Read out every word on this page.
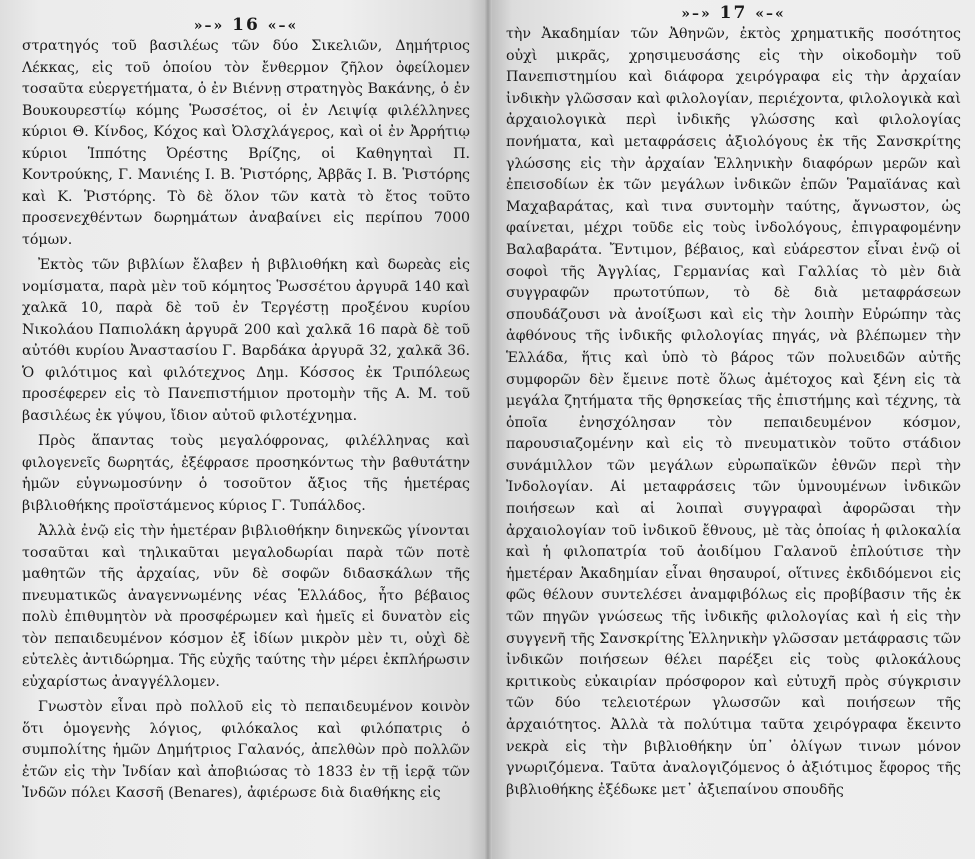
»–» 16 «–«

στρατηγός τοῦ βασιλέως τῶν δύο Σικελιῶν, Δημήτριος Λέκκας, εἰς τοῦ ὁποίου τὸν ἔνθερμον ζῆλον ὀφείλομεν τοσαῦτα εὐεργετήματα, ὁ ἐν Βιέννῃ στρατηγὸς Βακάνης, ὁ ἐν Βουκουρεστίῳ κόμης Ῥωσσέτος, οἱ ἐν Λειψίᾳ φιλέλληνες κύριοι Θ. Κίνδος, Κόχος καὶ Ὀλσχλάγερος, καὶ οἱ ἐν Ἀρρήτιῳ κύριοι Ἱππότης Ὀρέστης Βρίζης, οἱ Καθηγηταὶ Π. Κοντρούκης, Γ. Μανιέης Ι. Β. Ῥιστόρης, Ἀββᾶς Ι. Β. Ῥιστόρης καὶ Κ. Ῥιστόρης. Τὸ δὲ ὅλον τῶν κατὰ τὸ ἔτος τοῦτο προσενεχθέντων δωρημάτων ἀναβαίνει εἰς περίπου 7000 τόμων.

Ἐκτὸς τῶν βιβλίων ἔλαβεν ἡ βιβλιοθήκη καὶ δωρεὰς εἰς νομίσματα, παρὰ μὲν τοῦ κόμητος Ῥωσσέτου ἀργυρᾶ 140 καὶ χαλκᾶ 10, παρὰ δὲ τοῦ ἐν Τεργέστῃ προξένου κυρίου Νικολάου Παπιολάκη ἀργυρᾶ 200 καὶ χαλκᾶ 16 παρὰ δὲ τοῦ αὐτόθι κυρίου Ἀναστασίου Γ. Βαρδάκα ἀργυρᾶ 32, χαλκᾶ 36. Ὁ φιλότιμος καὶ φιλότεχνος Δημ. Κόσσος ἐκ Τριπόλεως προσέφερεν εἰς τὸ Πανεπιστήμιον προτομὴν τῆς Α. Μ. τοῦ βασιλέως ἐκ γύψου, ἴδιον αὐτοῦ φιλοτέχνημα.

Πρὸς ἅπαντας τοὺς μεγαλόφρονας, φιλέλληνας καὶ φιλογενεῖς δωρητάς, ἐξέφρασε προσηκόντως τὴν βαθυτάτην ἡμῶν εὐγνωμοσύνην ὁ τοσοῦτον ἄξιος τῆς ἡμετέρας βιβλιοθήκης προϊστάμενος κύριος Γ. Τυπάλδος.

Ἀλλὰ ἐνῷ εἰς τὴν ἡμετέραν βιβλιοθήκην διηνεκῶς γίνονται τοσαῦται καὶ τηλικαῦται μεγαλοδωρίαι παρὰ τῶν ποτὲ μαθητῶν τῆς ἀρχαίας, νῦν δὲ σοφῶν διδασκάλων τῆς πνευματικῶς ἀναγεννωμένης νέας Ἑλλάδος, ἦτο βέβαιος πολὺ ἐπιθυμητὸν νὰ προσφέρωμεν καὶ ἡμεῖς εἰ δυνατὸν εἰς τὸν πεπαιδευμένον κόσμον ἐξ ἰδίων μικρὸν μὲν τι, οὐχὶ δὲ εὐτελὲς ἀντιδώρημα. Τῆς εὐχῆς ταύτης τὴν μέρει ἐκπλήρωσιν εὐχαρίστως ἀναγγέλλομεν.

Γνωστὸν εἶναι πρὸ πολλοῦ εἰς τὸ πεπαιδευμένον κοινὸν ὅτι ὁμογενὴς λόγιος, φιλόκαλος καὶ φιλόπατρις ὁ συμπολίτης ἡμῶν Δημήτριος Γαλανός, ἀπελθὼν πρὸ πολλῶν ἐτῶν εἰς τὴν Ἰνδίαν καὶ ἀποβιώσας τὸ 1833 ἐν τῇ ἱερᾷ τῶν Ἰνδῶν πόλει Κασσῆ (Benares), ἀφιέρωσε διὰ διαθήκης εἰς

»–» 17 «–«

τὴν Ἀκαδημίαν τῶν Ἀθηνῶν, ἐκτὸς χρηματικῆς ποσότητος οὐχὶ μικρᾶς, χρησιμευσάσης εἰς τὴν οἰκοδομὴν τοῦ Πανεπιστημίου καὶ διάφορα χειρόγραφα εἰς τὴν ἀρχαίαν ἰνδικὴν γλῶσσαν καὶ φιλολογίαν, περιέχοντα, φιλολογικὰ καὶ ἀρχαιολογικὰ περὶ ἰνδικῆς γλώσσης καὶ φιλολογίας πονήματα, καὶ μεταφράσεις ἀξιολόγους ἐκ τῆς Σανσκρίτης γλώσσης εἰς τὴν ἀρχαίαν Ἑλληνικὴν διαφόρων μερῶν καὶ ἐπεισοδίων ἐκ τῶν μεγάλων ἰνδικῶν ἐπῶν Ῥαμαϊάνας καὶ Μαχαβαράτας, καὶ τινα συντομὴν ταύτης, ἄγνωστον, ὡς φαίνεται, μέχρι τοῦδε εἰς τοὺς ἰνδολόγους, ἐπιγραφομένην Βαλαβαράτα. Ἔντιμον, βέβαιος, καὶ εὐάρεστον εἶναι ἐνῷ οἱ σοφοὶ τῆς Ἀγγλίας, Γερμανίας καὶ Γαλλίας τὸ μὲν διὰ συγγραφῶν πρωτοτύπων, τὸ δὲ διὰ μεταφράσεων σπουδάζουσι νὰ ἀνοίξωσι καὶ εἰς τὴν λοιπὴν Εὐρώπην τὰς ἀφθόνους τῆς ἰνδικῆς φιλολογίας πηγάς, νὰ βλέπωμεν τὴν Ἑλλάδα, ἥτις καὶ ὑπὸ τὸ βάρος τῶν πολυειδῶν αὐτῆς συμφορῶν δὲν ἔμεινε ποτὲ ὅλως ἀμέτοχος καὶ ξένη εἰς τὰ μεγάλα ζητήματα τῆς θρησκείας τῆς ἐπιστήμης καὶ τέχνης, τὰ ὁποῖα ἐνησχόλησαν τὸν πεπαιδευμένον κόσμον, παρουσιαζομένην καὶ εἰς τὸ πνευματικὸν τοῦτο στάδιον συνάμιλλον τῶν μεγάλων εὐρωπαϊκῶν ἐθνῶν περὶ τὴν Ἰνδολογίαν. Αἱ μεταφράσεις τῶν ὑμνουμένων ἰνδικῶν ποιήσεων καὶ αἱ λοιπαὶ συγγραφαὶ ἀφορῶσαι τὴν ἀρχαιολογίαν τοῦ ἰνδικοῦ ἔθνους, μὲ τὰς ὁποίας ἡ φιλοκαλία καὶ ἡ φιλοπατρία τοῦ ἀοιδίμου Γαλανοῦ ἐπλούτισε τὴν ἡμετέραν Ἀκαδημίαν εἶναι θησαυροί, οἵτινες ἐκδιδόμενοι εἰς φῶς θέλουν συντελέσει ἀναμφιβόλως εἰς προβίβασιν τῆς ἐκ τῶν πηγῶν γνώσεως τῆς ἰνδικῆς φιλολογίας καὶ ἡ εἰς τὴν συγγενῆ τῆς Σανσκρίτης Ἑλληνικὴν γλῶσσαν μετάφρασις τῶν ἰνδικῶν ποιήσεων θέλει παρέξει εἰς τοὺς φιλοκάλους κριτικοὺς εὐκαιρίαν πρόσφορον καὶ εὐτυχῆ πρὸς σύγκρισιν τῶν δύο τελειοτέρων γλωσσῶν καὶ ποιήσεων τῆς ἀρχαιότητος. Ἀλλὰ τὰ πολύτιμα ταῦτα χειρόγραφα ἔκειντο νεκρὰ εἰς τὴν βιβλιοθήκην ὑπ᾽ ὀλίγων τινων μόνον γνωριζόμενα. Ταῦτα ἀναλογιζόμενος ὁ ἀξιότιμος ἔφορος τῆς βιβλιοθήκης ἐξέδωκε μετ᾽ ἀξιεπαίνου σπουδῆς
